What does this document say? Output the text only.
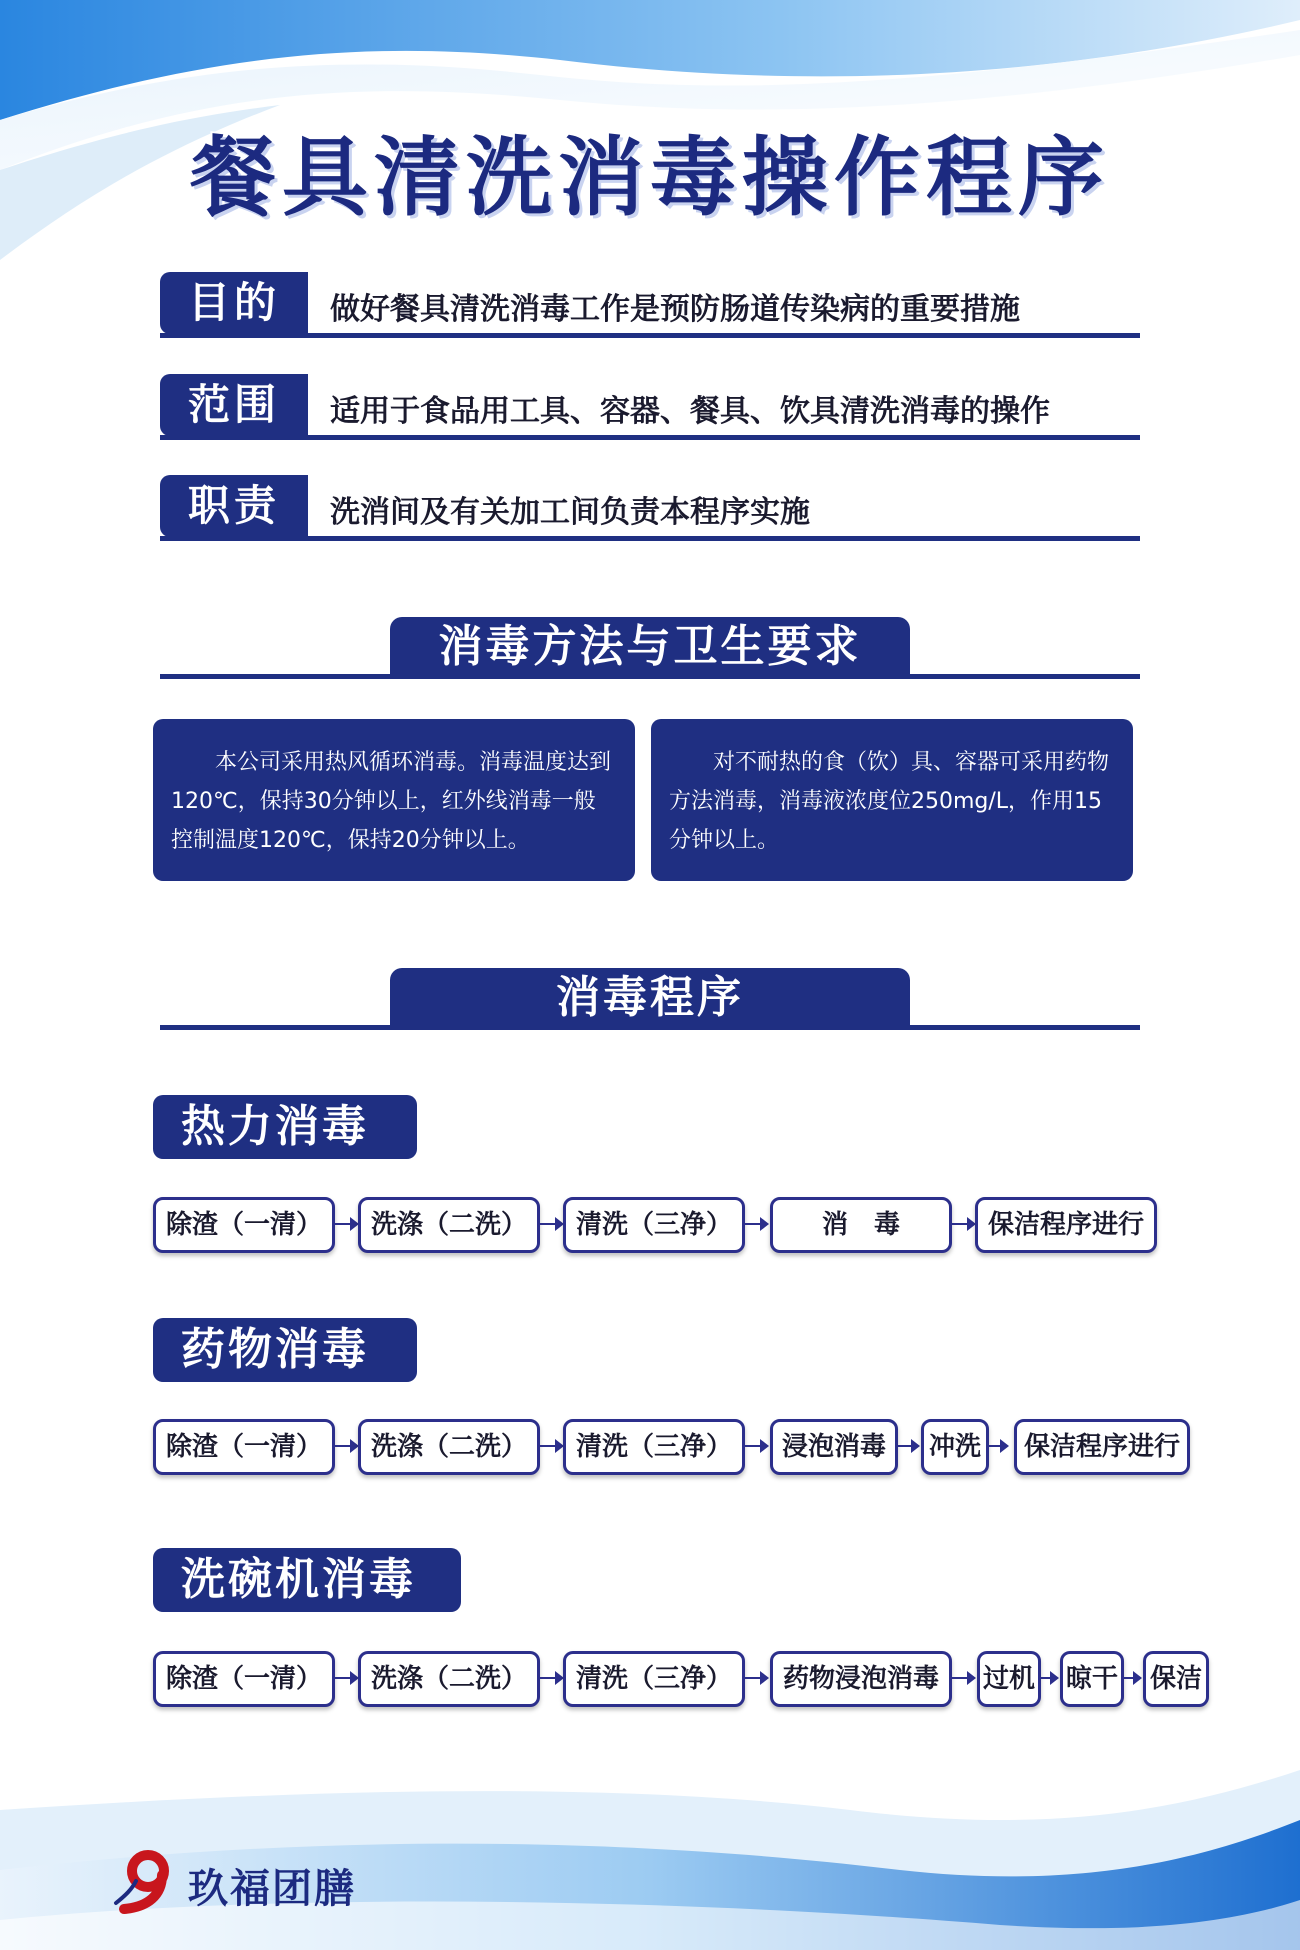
餐具清洗消毒操作程序
目的	做好餐具清洗消毒工作是预防肠道传染病的重要措施
范围	适用于食品用工具、容器、餐具、饮具清洗消毒的操作
职责	洗消间及有关加工间负责本程序实施
消毒方法与卫生要求
本公司采用热风循环消毒。消毒温度达到120℃，保持30分钟以上，红外线消毒一般控制温度120℃，保持20分钟以上。
对不耐热的食（饮）具、容器可采用药物方法消毒，消毒液浓度位250mg/L，作用15分钟以上。
消毒程序
热力消毒
除渣（一清）	洗涤（二洗）	清洗（三净）	消　毒	保洁程序进行
药物消毒
除渣（一清）	洗涤（二洗）	清洗（三净）	浸泡消毒	冲洗	保洁程序进行
洗碗机消毒
除渣（一清）	洗涤（二洗）	清洗（三净）	药物浸泡消毒	过机 晾干 保洁
玖福团膳
